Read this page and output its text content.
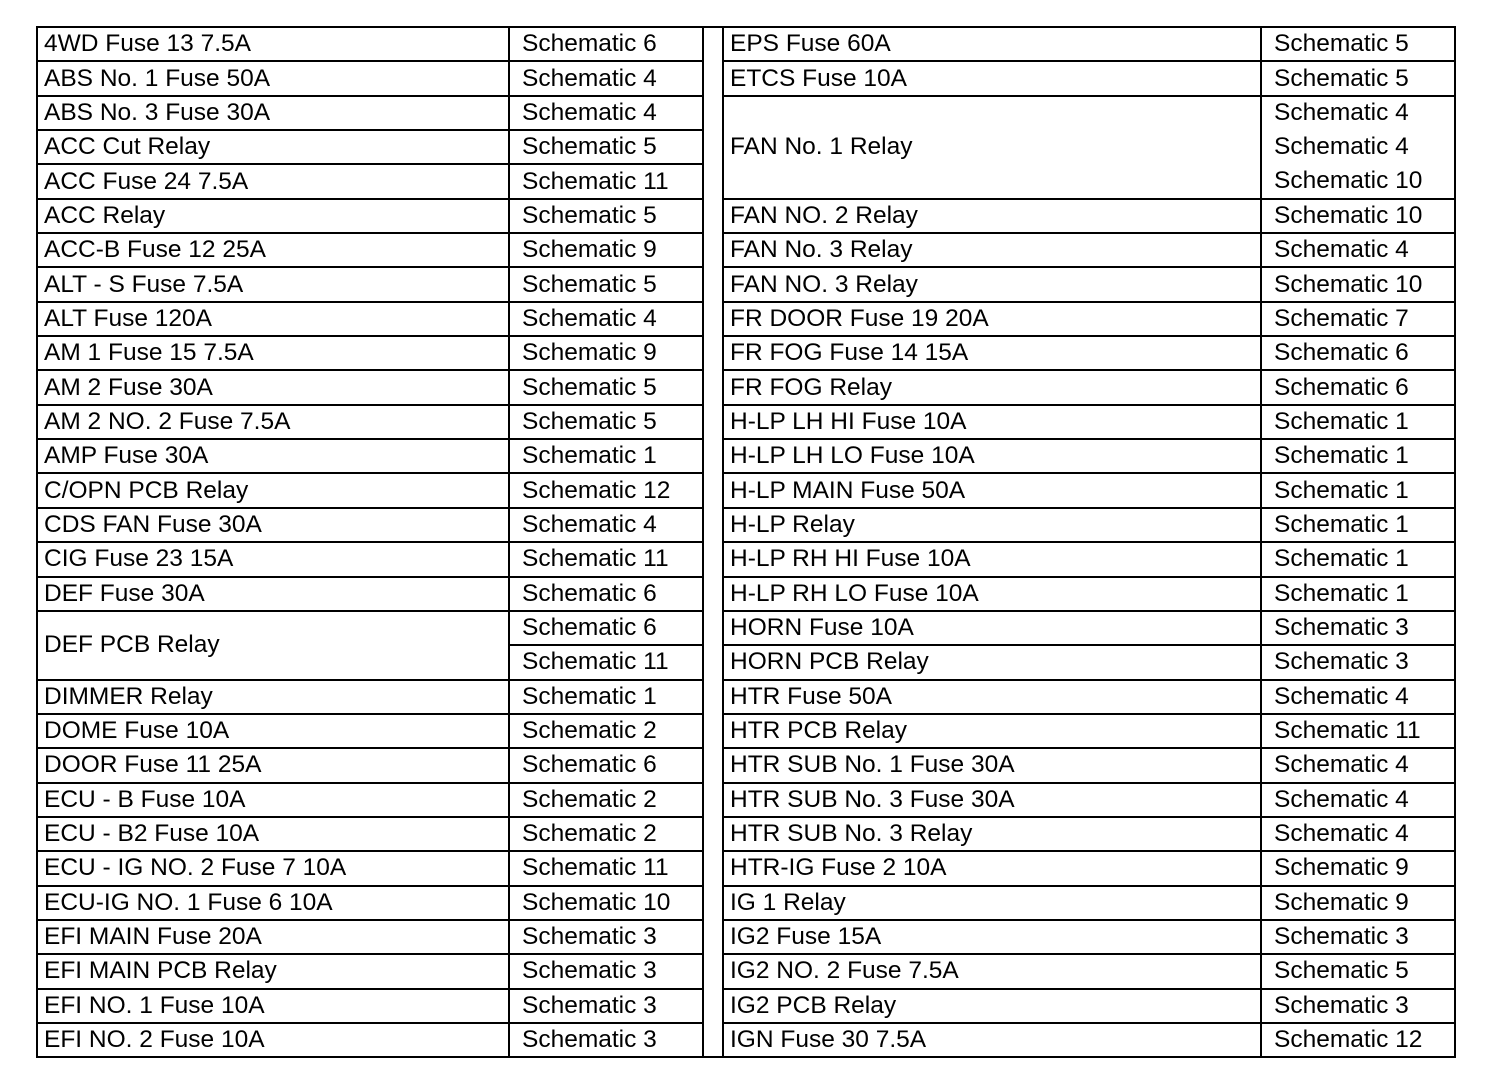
4WD Fuse 13 7.5A	Schematic 6		EPS Fuse 60A	Schematic 5
ABS No. 1 Fuse 50A	Schematic 4		ETCS Fuse 10A	Schematic 5
ABS No. 3 Fuse 30A	Schematic 4		FAN No. 1 Relay	Schematic 4
ACC Cut Relay	Schematic 5			Schematic 4
ACC Fuse 24 7.5A	Schematic 11			Schematic 10
ACC Relay	Schematic 5		FAN NO. 2 Relay	Schematic 10
ACC-B Fuse 12 25A	Schematic 9		FAN No. 3 Relay	Schematic 4
ALT - S Fuse 7.5A	Schematic 5		FAN NO. 3 Relay	Schematic 10
ALT Fuse 120A	Schematic 4		FR DOOR Fuse 19 20A	Schematic 7
AM 1 Fuse 15 7.5A	Schematic 9		FR FOG Fuse 14 15A	Schematic 6
AM 2 Fuse 30A	Schematic 5		FR FOG Relay	Schematic 6
AM 2 NO. 2 Fuse 7.5A	Schematic 5		H-LP LH HI Fuse 10A	Schematic 1
AMP Fuse 30A	Schematic 1		H-LP LH LO Fuse 10A	Schematic 1
C/OPN PCB Relay	Schematic 12		H-LP MAIN Fuse 50A	Schematic 1
CDS FAN Fuse 30A	Schematic 4		H-LP Relay	Schematic 1
CIG Fuse 23 15A	Schematic 11		H-LP RH HI Fuse 10A	Schematic 1
DEF Fuse 30A	Schematic 6		H-LP RH LO Fuse 10A	Schematic 1
DEF PCB Relay	Schematic 6		HORN Fuse 10A	Schematic 3
	Schematic 11		HORN PCB Relay	Schematic 3
DIMMER Relay	Schematic 1		HTR Fuse 50A	Schematic 4
DOME Fuse 10A	Schematic 2		HTR PCB Relay	Schematic 11
DOOR Fuse 11 25A	Schematic 6		HTR SUB No. 1 Fuse 30A	Schematic 4
ECU - B Fuse 10A	Schematic 2		HTR SUB No. 3 Fuse 30A	Schematic 4
ECU - B2 Fuse 10A	Schematic 2		HTR SUB No. 3 Relay	Schematic 4
ECU - IG NO. 2 Fuse 7 10A	Schematic 11		HTR-IG Fuse 2 10A	Schematic 9
ECU-IG NO. 1 Fuse 6 10A	Schematic 10		IG 1 Relay	Schematic 9
EFI MAIN Fuse 20A	Schematic 3		IG2 Fuse 15A	Schematic 3
EFI MAIN PCB Relay	Schematic 3		IG2 NO. 2 Fuse 7.5A	Schematic 5
EFI NO. 1 Fuse 10A	Schematic 3		IG2 PCB Relay	Schematic 3
EFI NO. 2 Fuse 10A	Schematic 3		IGN Fuse 30 7.5A	Schematic 12
